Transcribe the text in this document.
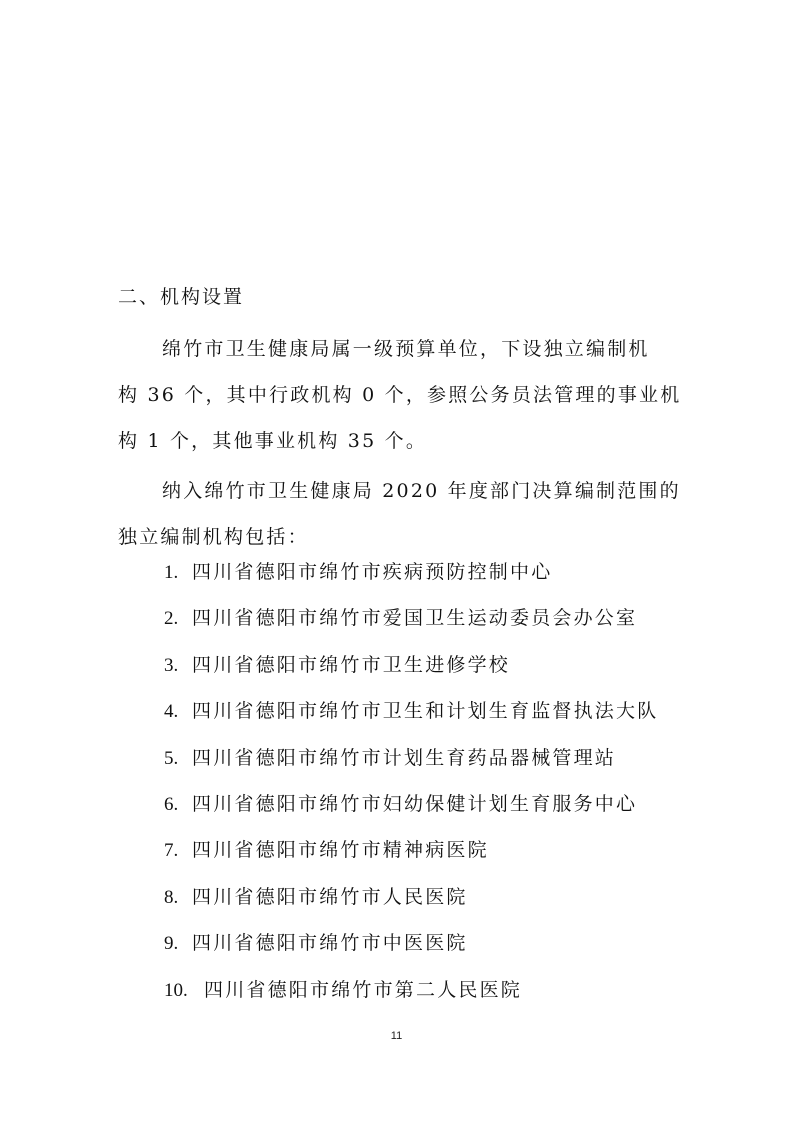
二、机构设置

绵竹市卫生健康局属一级预算单位，下设独立编制机
构 36 个，其中行政机构 0 个，参照公务员法管理的事业机
构 1 个，其他事业机构 35 个。

纳入绵竹市卫生健康局 2020 年度部门决算编制范围的
独立编制机构包括：

1. 四川省德阳市绵竹市疾病预防控制中心
2. 四川省德阳市绵竹市爱国卫生运动委员会办公室
3. 四川省德阳市绵竹市卫生进修学校
4. 四川省德阳市绵竹市卫生和计划生育监督执法大队
5. 四川省德阳市绵竹市计划生育药品器械管理站
6. 四川省德阳市绵竹市妇幼保健计划生育服务中心
7. 四川省德阳市绵竹市精神病医院
8. 四川省德阳市绵竹市人民医院
9. 四川省德阳市绵竹市中医医院
10. 四川省德阳市绵竹市第二人民医院
11
